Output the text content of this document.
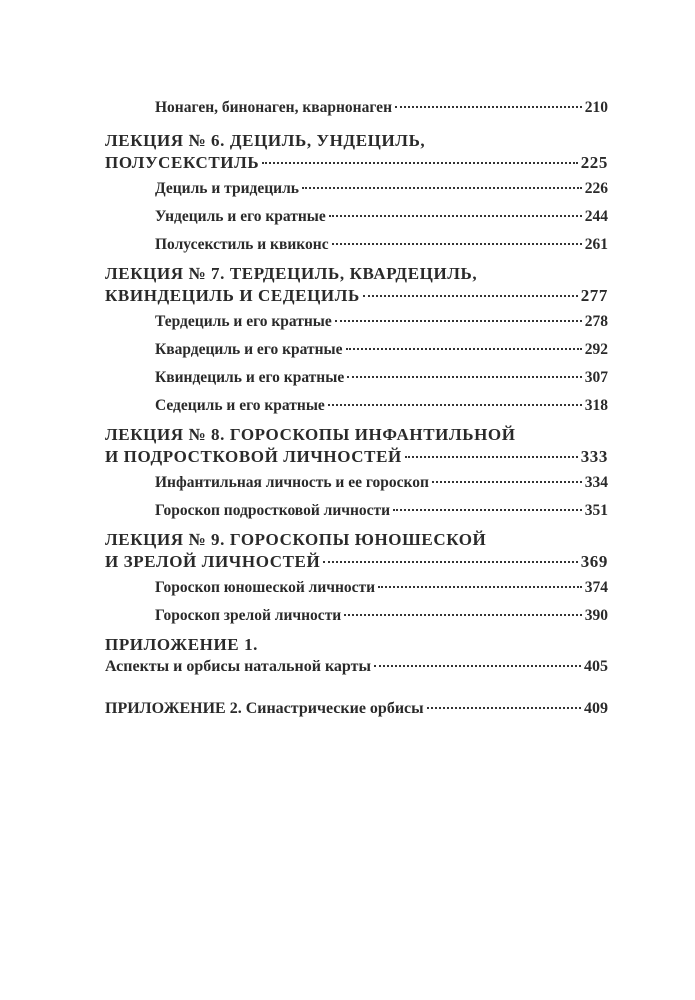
Нонаген, бинонаген, кварнонаген	210
ЛЕКЦИЯ № 6. ДЕЦИЛЬ, УНДЕЦИЛЬ,
ПОЛУСЕКСТИЛЬ	225
Дециль и тридециль	226
Ундециль и его кратные	244
Полусекстиль и квиконс	261
ЛЕКЦИЯ № 7. ТЕРДЕЦИЛЬ, КВАРДЕЦИЛЬ,
КВИНДЕЦИЛЬ И СЕДЕЦИЛЬ	277
Тердециль и его кратные	278
Квардециль и его кратные	292
Квиндециль и его кратные	307
Седециль и его кратные	318
ЛЕКЦИЯ № 8. ГОРОСКОПЫ ИНФАНТИЛЬНОЙ
И ПОДРОСТКОВОЙ ЛИЧНОСТЕЙ	333
Инфантильная личность и ее гороскоп	334
Гороскоп подростковой личности	351
ЛЕКЦИЯ № 9. ГОРОСКОПЫ ЮНОШЕСКОЙ
И ЗРЕЛОЙ ЛИЧНОСТЕЙ	369
Гороскоп юношеской личности	374
Гороскоп зрелой личности	390
ПРИЛОЖЕНИЕ 1.
Аспекты и орбисы натальной карты	405
ПРИЛОЖЕНИЕ 2. Синастрические орбисы	409
